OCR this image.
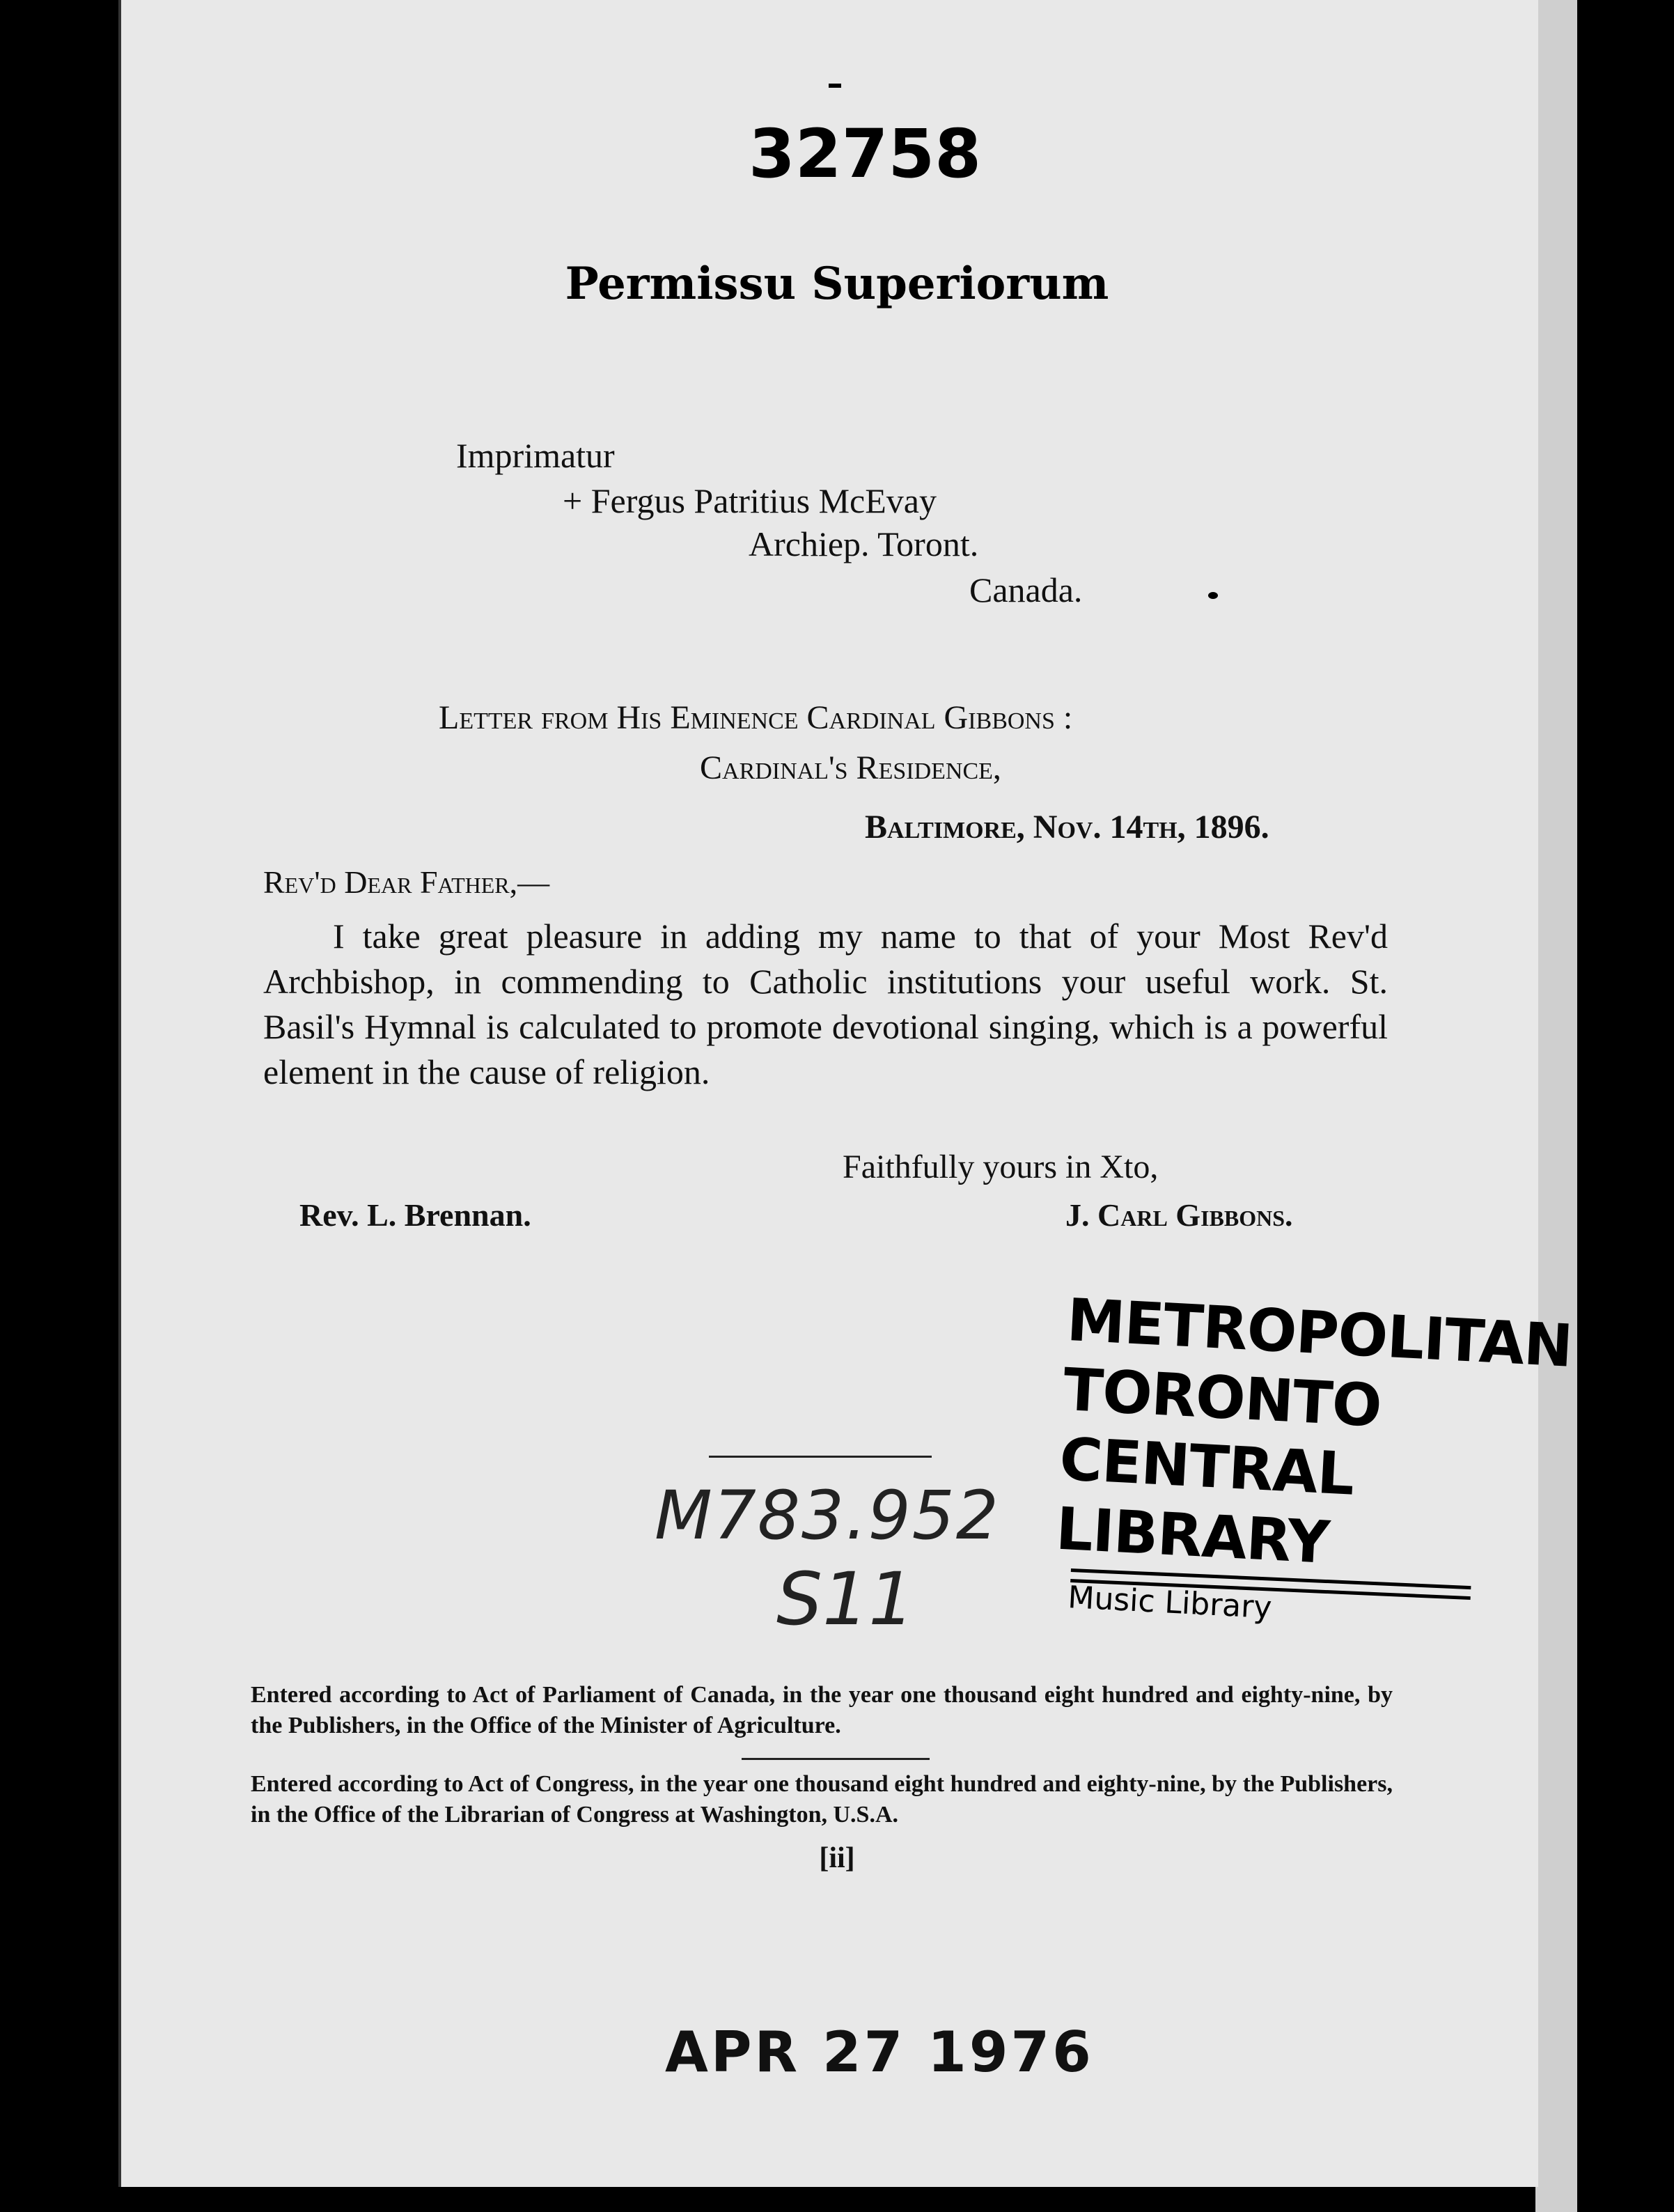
32758
Permissu Superiorum
Imprimatur
+ Fergus Patritius McEvay
Archiep. Toront.
Canada.
Letter from His Eminence Cardinal Gibbons :
Cardinal's Residence,
Baltimore, Nov. 14th, 1896.
Rev'd Dear Father,—
I take great pleasure in adding my name to that of your Most Rev'd Archbishop, in commending to Catholic institutions your useful work. St. Basil's Hymnal is calculated to promote devotional singing, which is a powerful element in the cause of religion.
Faithfully yours in Xto,
Rev. L. Brennan.	J. Carl Gibbons.
METROPOLITAN
TORONTO
CENTRAL
LIBRARY
Music Library
M783.952
S11
Entered according to Act of Parliament of Canada, in the year one thousand eight hundred and eighty-nine, by the Publishers, in the Office of the Minister of Agriculture.
Entered according to Act of Congress, in the year one thousand eight hundred and eighty-nine, by the Publishers, in the Office of the Librarian of Congress at Washington, U.S.A.
[ii]
APR 27 1976
